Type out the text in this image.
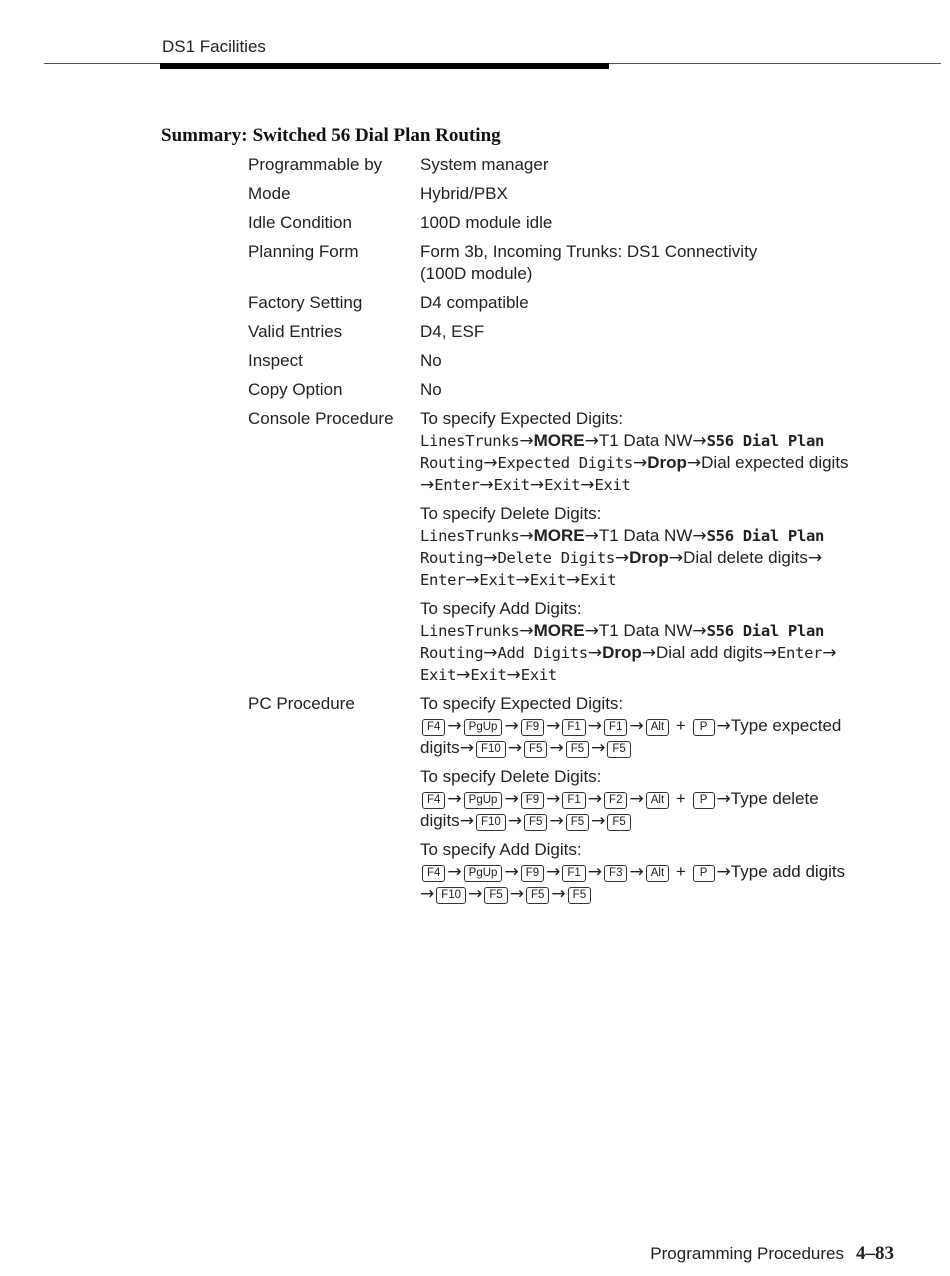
DS1 Facilities
Summary: Switched 56 Dial Plan Routing
Programmable by	System manager
Mode	Hybrid/PBX
Idle Condition	100D module idle
Planning Form	Form 3b, Incoming Trunks: DS1 Connectivity
(100D module)
Factory Setting	D4 compatible
Valid Entries	D4, ESF
Inspect	No
Copy Option	No
Console Procedure	To specify Expected Digits:
LinesTrunks→MORE→T1 Data NW→S56 Dial Plan
Routing→Expected Digits→Drop→Dial expected digits
→Enter→Exit→Exit→Exit
To specify Delete Digits:
LinesTrunks→MORE→T1 Data NW→S56 Dial Plan
Routing→Delete Digits→Drop→Dial delete digits→
Enter→Exit→Exit→Exit
To specify Add Digits:
LinesTrunks→MORE→T1 Data NW→S56 Dial Plan
Routing→Add Digits→Drop→Dial add digits→Enter→
Exit→Exit→Exit
PC Procedure	To specify Expected Digits:
F4 → PgUp → F9 → F1 → F1 → Alt + P →Type expected
digits→ F10 → F5 → F5 → F5
To specify Delete Digits:
F4 → PgUp → F9 → F1 → F2 → Alt + P →Type delete
digits→ F10 → F5 → F5 → F5
To specify Add Digits:
F4 → PgUp → F9 → F1 → F3 → Alt + P →Type add digits
→ F10 → F5 → F5 → F5
Programming Procedures 4–83
